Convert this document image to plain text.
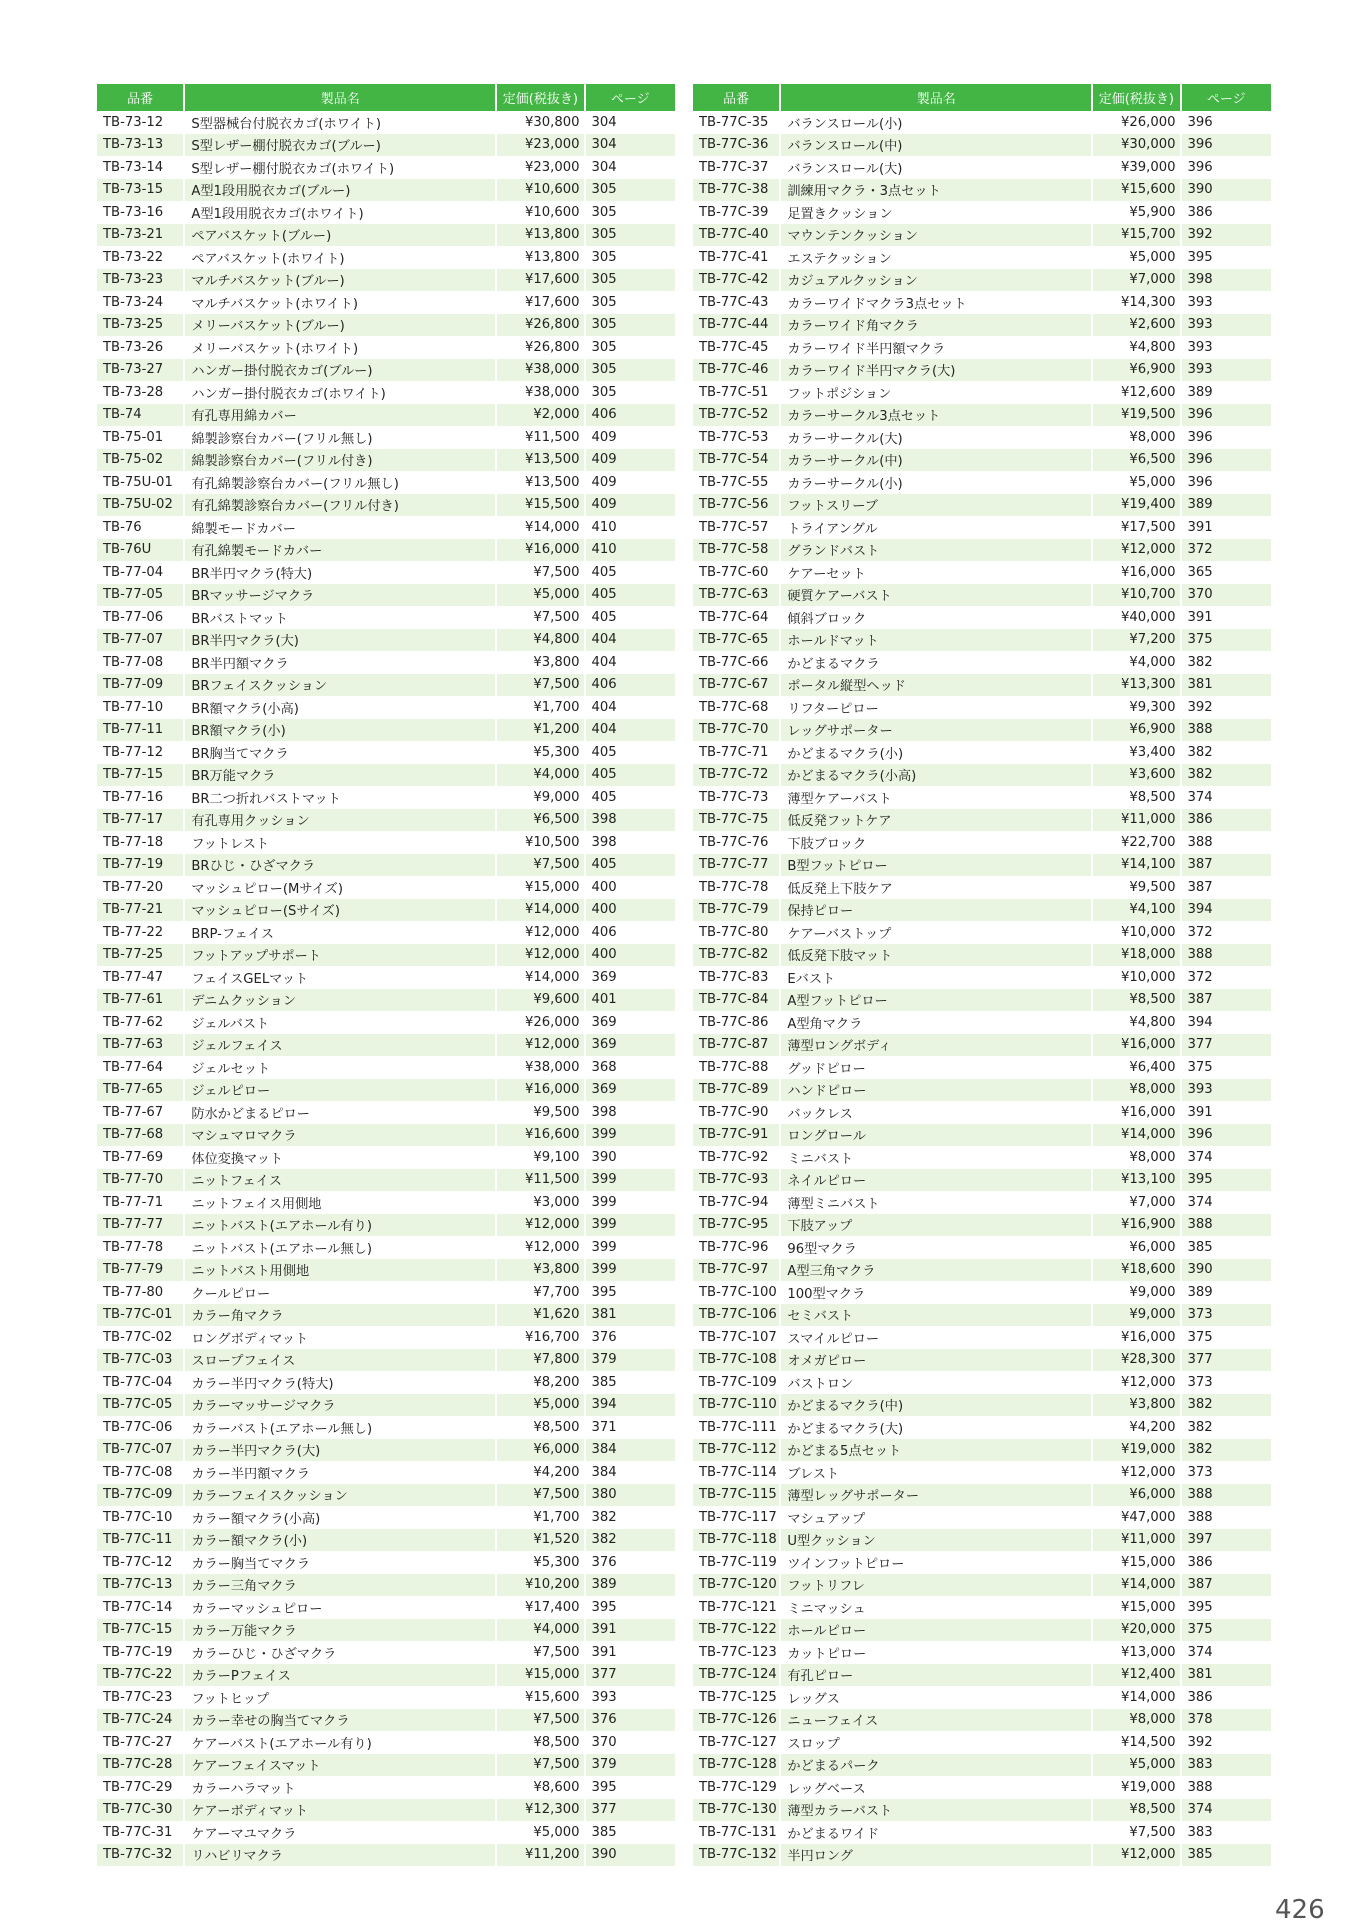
品番	製品名	定価(税抜き)	ページ
TB-73-12	S型器械台付脱衣カゴ(ホワイト)	¥30,800	304
TB-73-13	S型レザー棚付脱衣カゴ(ブルー)	¥23,000	304
TB-73-14	S型レザー棚付脱衣カゴ(ホワイト)	¥23,000	304
TB-73-15	A型1段用脱衣カゴ(ブルー)	¥10,600	305
TB-73-16	A型1段用脱衣カゴ(ホワイト)	¥10,600	305
TB-73-21	ペアバスケット(ブルー)	¥13,800	305
TB-73-22	ペアバスケット(ホワイト)	¥13,800	305
TB-73-23	マルチバスケット(ブルー)	¥17,600	305
TB-73-24	マルチバスケット(ホワイト)	¥17,600	305
TB-73-25	メリーバスケット(ブルー)	¥26,800	305
TB-73-26	メリーバスケット(ホワイト)	¥26,800	305
TB-73-27	ハンガー掛付脱衣カゴ(ブルー)	¥38,000	305
TB-73-28	ハンガー掛付脱衣カゴ(ホワイト)	¥38,000	305
TB-74	有孔専用綿カバー	¥2,000	406
TB-75-01	綿製診察台カバー(フリル無し)	¥11,500	409
TB-75-02	綿製診察台カバー(フリル付き)	¥13,500	409
TB-75U-01	有孔綿製診察台カバー(フリル無し)	¥13,500	409
TB-75U-02	有孔綿製診察台カバー(フリル付き)	¥15,500	409
TB-76	綿製モードカバー	¥14,000	410
TB-76U	有孔綿製モードカバー	¥16,000	410
TB-77-04	BR半円マクラ(特大)	¥7,500	405
TB-77-05	BRマッサージマクラ	¥5,000	405
TB-77-06	BRバストマット	¥7,500	405
TB-77-07	BR半円マクラ(大)	¥4,800	404
TB-77-08	BR半円額マクラ	¥3,800	404
TB-77-09	BRフェイスクッション	¥7,500	406
TB-77-10	BR額マクラ(小高)	¥1,700	404
TB-77-11	BR額マクラ(小)	¥1,200	404
TB-77-12	BR胸当てマクラ	¥5,300	405
TB-77-15	BR万能マクラ	¥4,000	405
TB-77-16	BR二つ折れバストマット	¥9,000	405
TB-77-17	有孔専用クッション	¥6,500	398
TB-77-18	フットレスト	¥10,500	398
TB-77-19	BRひじ・ひざマクラ	¥7,500	405
TB-77-20	マッシュピロー(Mサイズ)	¥15,000	400
TB-77-21	マッシュピロー(Sサイズ)	¥14,000	400
TB-77-22	BRP-フェイス	¥12,000	406
TB-77-25	フットアップサポート	¥12,000	400
TB-77-47	フェイスGELマット	¥14,000	369
TB-77-61	デニムクッション	¥9,600	401
TB-77-62	ジェルバスト	¥26,000	369
TB-77-63	ジェルフェイス	¥12,000	369
TB-77-64	ジェルセット	¥38,000	368
TB-77-65	ジェルピロー	¥16,000	369
TB-77-67	防水かどまるピロー	¥9,500	398
TB-77-68	マシュマロマクラ	¥16,600	399
TB-77-69	体位変換マット	¥9,100	390
TB-77-70	ニットフェイス	¥11,500	399
TB-77-71	ニットフェイス用側地	¥3,000	399
TB-77-77	ニットバスト(エアホール有り)	¥12,000	399
TB-77-78	ニットバスト(エアホール無し)	¥12,000	399
TB-77-79	ニットバスト用側地	¥3,800	399
TB-77-80	クールピロー	¥7,700	395
TB-77C-01	カラー角マクラ	¥1,620	381
TB-77C-02	ロングボディマット	¥16,700	376
TB-77C-03	スロープフェイス	¥7,800	379
TB-77C-04	カラー半円マクラ(特大)	¥8,200	385
TB-77C-05	カラーマッサージマクラ	¥5,000	394
TB-77C-06	カラーバスト(エアホール無し)	¥8,500	371
TB-77C-07	カラー半円マクラ(大)	¥6,000	384
TB-77C-08	カラー半円額マクラ	¥4,200	384
TB-77C-09	カラーフェイスクッション	¥7,500	380
TB-77C-10	カラー額マクラ(小高)	¥1,700	382
TB-77C-11	カラー額マクラ(小)	¥1,520	382
TB-77C-12	カラー胸当てマクラ	¥5,300	376
TB-77C-13	カラー三角マクラ	¥10,200	389
TB-77C-14	カラーマッシュピロー	¥17,400	395
TB-77C-15	カラー万能マクラ	¥4,000	391
TB-77C-19	カラーひじ・ひざマクラ	¥7,500	391
TB-77C-22	カラーPフェイス	¥15,000	377
TB-77C-23	フットヒップ	¥15,600	393
TB-77C-24	カラー幸せの胸当てマクラ	¥7,500	376
TB-77C-27	ケアーバスト(エアホール有り)	¥8,500	370
TB-77C-28	ケアーフェイスマット	¥7,500	379
TB-77C-29	カラーハラマット	¥8,600	395
TB-77C-30	ケアーボディマット	¥12,300	377
TB-77C-31	ケアーマユマクラ	¥5,000	385
TB-77C-32	リハビリマクラ	¥11,200	390
品番	製品名	定価(税抜き)	ページ
TB-77C-35	バランスロール(小)	¥26,000	396
TB-77C-36	バランスロール(中)	¥30,000	396
TB-77C-37	バランスロール(大)	¥39,000	396
TB-77C-38	訓練用マクラ・3点セット	¥15,600	390
TB-77C-39	足置きクッション	¥5,900	386
TB-77C-40	マウンテンクッション	¥15,700	392
TB-77C-41	エステクッション	¥5,000	395
TB-77C-42	カジュアルクッション	¥7,000	398
TB-77C-43	カラーワイドマクラ3点セット	¥14,300	393
TB-77C-44	カラーワイド角マクラ	¥2,600	393
TB-77C-45	カラーワイド半円額マクラ	¥4,800	393
TB-77C-46	カラーワイド半円マクラ(大)	¥6,900	393
TB-77C-51	フットポジション	¥12,600	389
TB-77C-52	カラーサークル3点セット	¥19,500	396
TB-77C-53	カラーサークル(大)	¥8,000	396
TB-77C-54	カラーサークル(中)	¥6,500	396
TB-77C-55	カラーサークル(小)	¥5,000	396
TB-77C-56	フットスリーブ	¥19,400	389
TB-77C-57	トライアングル	¥17,500	391
TB-77C-58	グランドバスト	¥12,000	372
TB-77C-60	ケアーセット	¥16,000	365
TB-77C-63	硬質ケアーバスト	¥10,700	370
TB-77C-64	傾斜ブロック	¥40,000	391
TB-77C-65	ホールドマット	¥7,200	375
TB-77C-66	かどまるマクラ	¥4,000	382
TB-77C-67	ポータル縦型ヘッド	¥13,300	381
TB-77C-68	リフターピロー	¥9,300	392
TB-77C-70	レッグサポーター	¥6,900	388
TB-77C-71	かどまるマクラ(小)	¥3,400	382
TB-77C-72	かどまるマクラ(小高)	¥3,600	382
TB-77C-73	薄型ケアーバスト	¥8,500	374
TB-77C-75	低反発フットケア	¥11,000	386
TB-77C-76	下肢ブロック	¥22,700	388
TB-77C-77	B型フットピロー	¥14,100	387
TB-77C-78	低反発上下肢ケア	¥9,500	387
TB-77C-79	保持ピロー	¥4,100	394
TB-77C-80	ケアーバストップ	¥10,000	372
TB-77C-82	低反発下肢マット	¥18,000	388
TB-77C-83	Eバスト	¥10,000	372
TB-77C-84	A型フットピロー	¥8,500	387
TB-77C-86	A型角マクラ	¥4,800	394
TB-77C-87	薄型ロングボディ	¥16,000	377
TB-77C-88	グッドピロー	¥6,400	375
TB-77C-89	ハンドピロー	¥8,000	393
TB-77C-90	バックレス	¥16,000	391
TB-77C-91	ロングロール	¥14,000	396
TB-77C-92	ミニバスト	¥8,000	374
TB-77C-93	ネイルピロー	¥13,100	395
TB-77C-94	薄型ミニバスト	¥7,000	374
TB-77C-95	下肢アップ	¥16,900	388
TB-77C-96	96型マクラ	¥6,000	385
TB-77C-97	A型三角マクラ	¥18,600	390
TB-77C-100	100型マクラ	¥9,000	389
TB-77C-106	セミバスト	¥9,000	373
TB-77C-107	スマイルピロー	¥16,000	375
TB-77C-108	オメガピロー	¥28,300	377
TB-77C-109	バストロン	¥12,000	373
TB-77C-110	かどまるマクラ(中)	¥3,800	382
TB-77C-111	かどまるマクラ(大)	¥4,200	382
TB-77C-112	かどまる5点セット	¥19,000	382
TB-77C-114	ブレスト	¥12,000	373
TB-77C-115	薄型レッグサポーター	¥6,000	388
TB-77C-117	マシュアップ	¥47,000	388
TB-77C-118	U型クッション	¥11,000	397
TB-77C-119	ツインフットピロー	¥15,000	386
TB-77C-120	フットリフレ	¥14,000	387
TB-77C-121	ミニマッシュ	¥15,000	395
TB-77C-122	ホールピロー	¥20,000	375
TB-77C-123	カットピロー	¥13,000	374
TB-77C-124	有孔ピロー	¥12,400	381
TB-77C-125	レッグス	¥14,000	386
TB-77C-126	ニューフェイス	¥8,000	378
TB-77C-127	スロップ	¥14,500	392
TB-77C-128	かどまるパーク	¥5,000	383
TB-77C-129	レッグベース	¥19,000	388
TB-77C-130	薄型カラーバスト	¥8,500	374
TB-77C-131	かどまるワイド	¥7,500	383
TB-77C-132	半円ロング	¥12,000	385
426
